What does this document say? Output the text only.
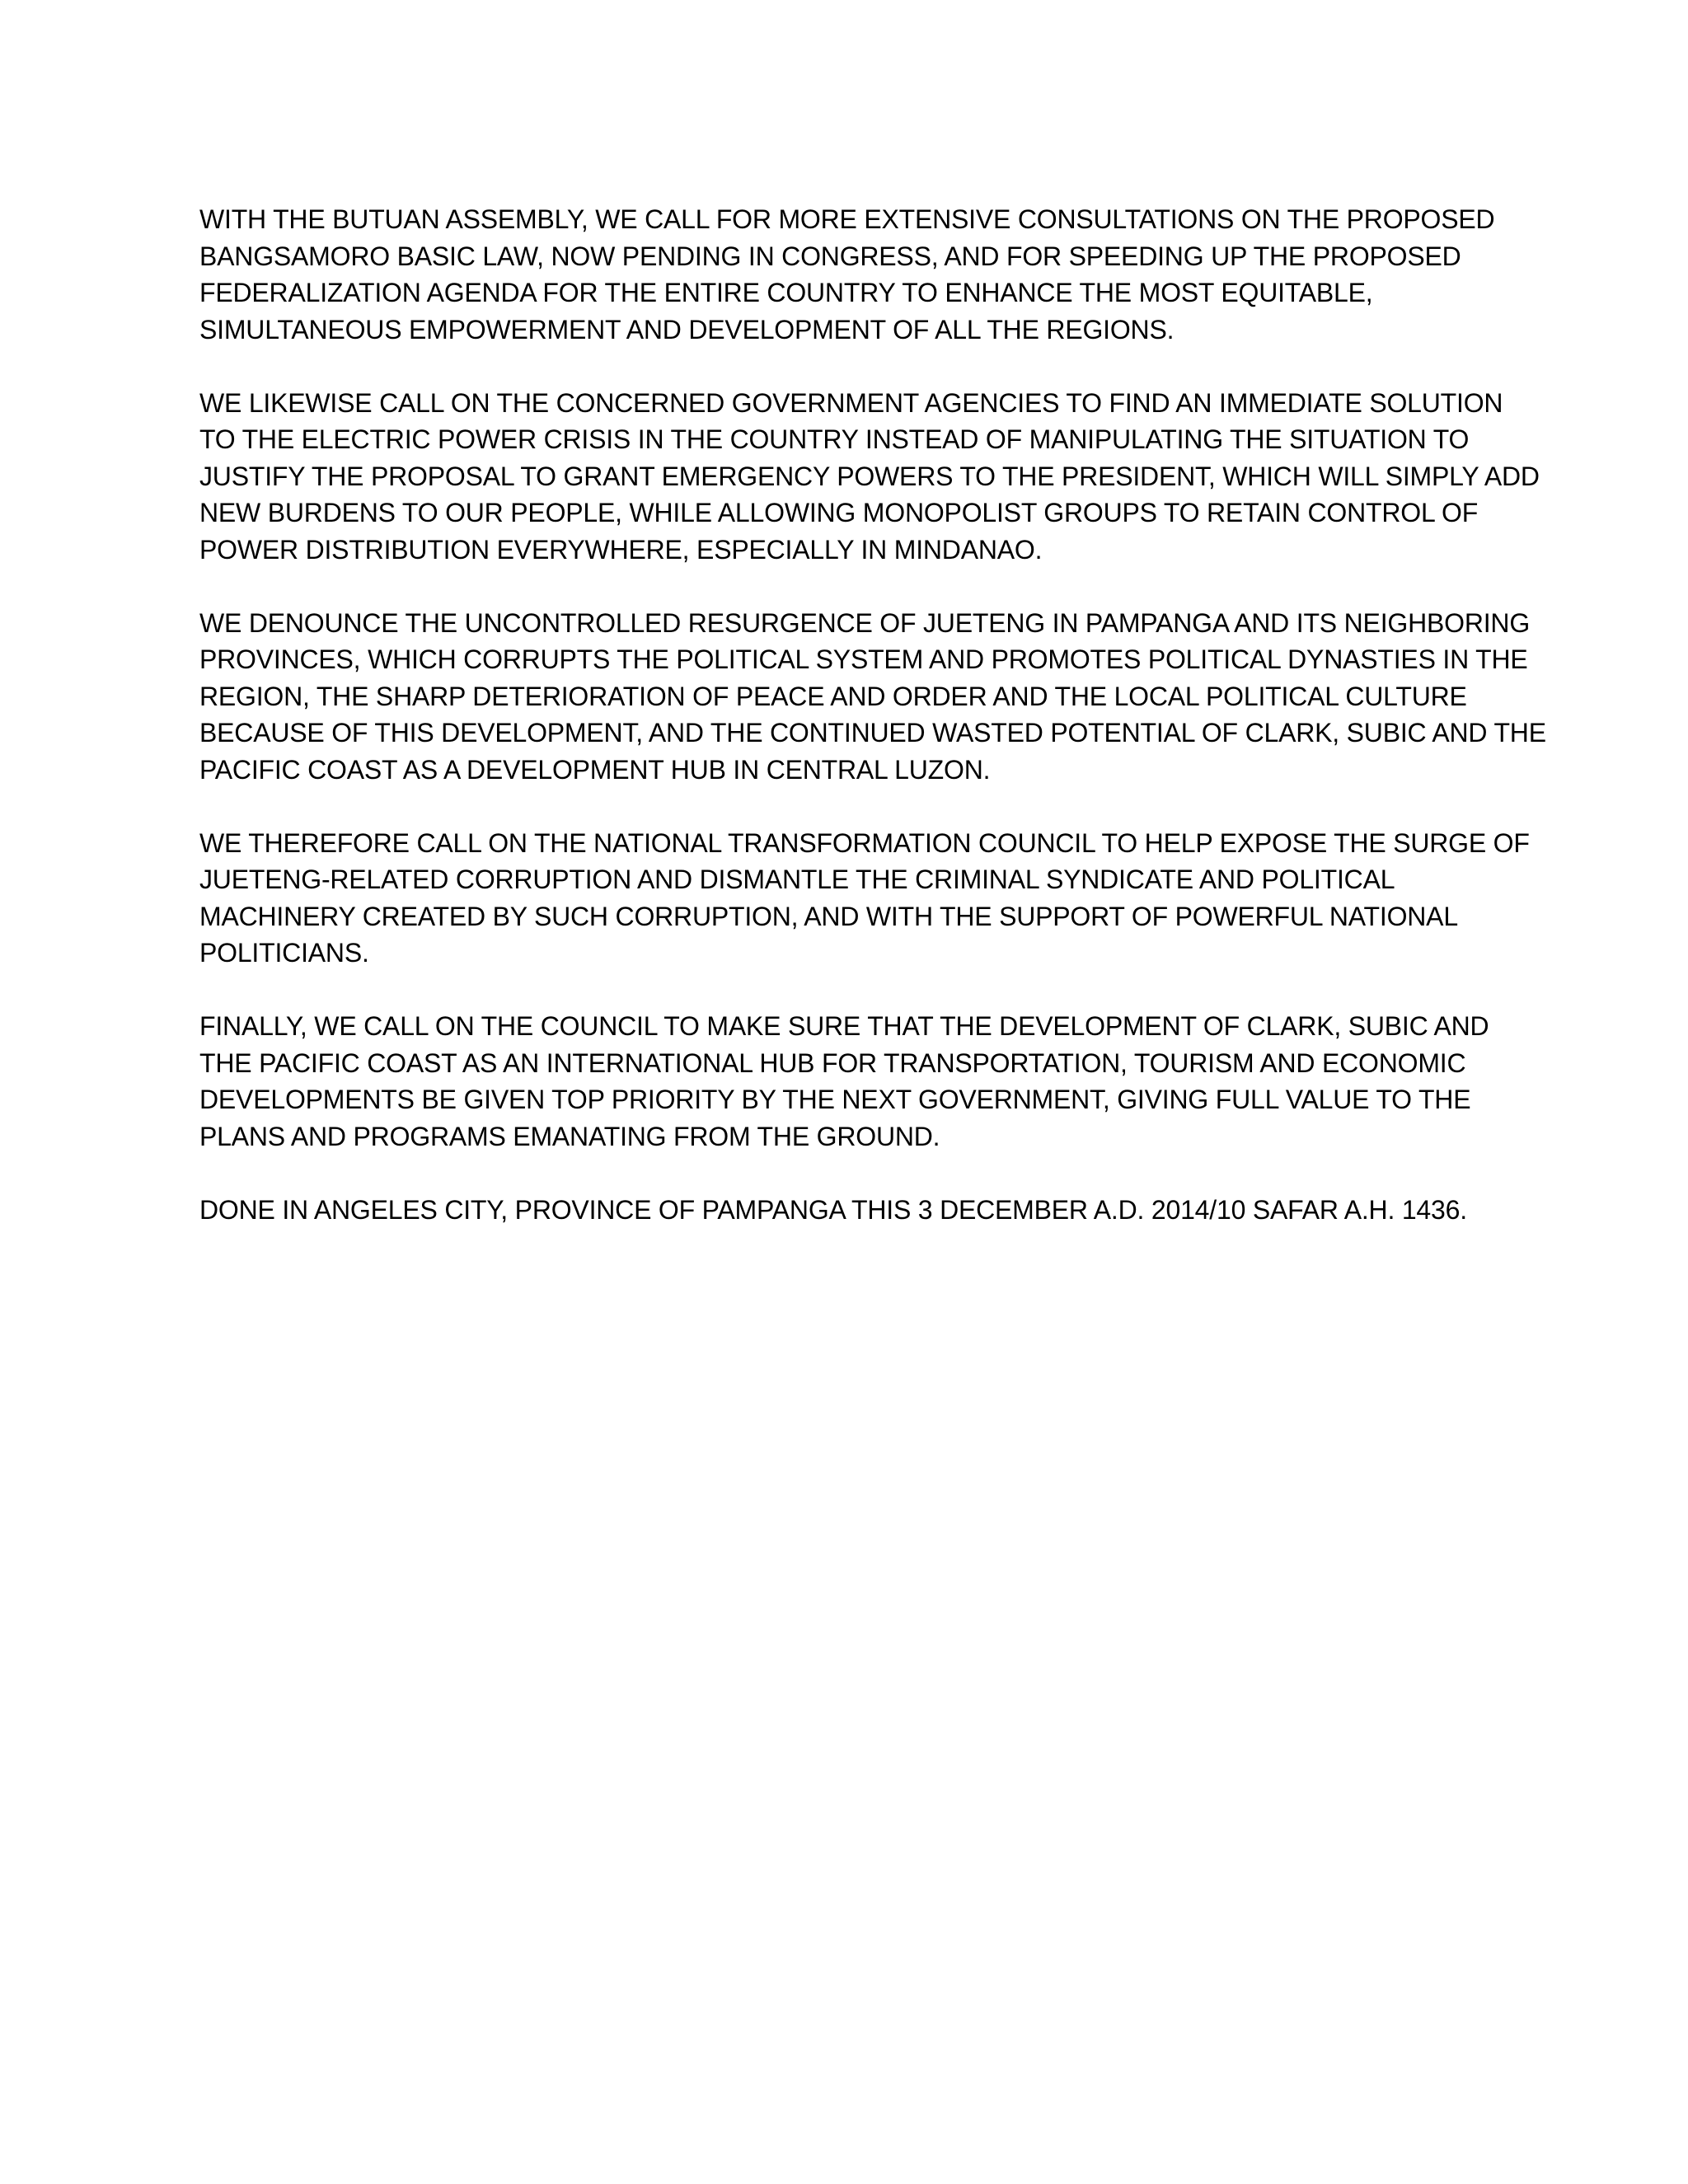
WITH THE BUTUAN ASSEMBLY, WE CALL FOR MORE EXTENSIVE CONSULTATIONS ON THE PROPOSED
BANGSAMORO BASIC LAW, NOW PENDING IN CONGRESS, AND FOR SPEEDING UP THE PROPOSED
FEDERALIZATION AGENDA FOR THE ENTIRE COUNTRY TO ENHANCE THE MOST EQUITABLE,
SIMULTANEOUS EMPOWERMENT AND DEVELOPMENT OF ALL THE REGIONS.

WE LIKEWISE CALL ON THE CONCERNED GOVERNMENT AGENCIES TO FIND AN IMMEDIATE SOLUTION
TO THE ELECTRIC POWER CRISIS IN THE COUNTRY INSTEAD OF MANIPULATING THE SITUATION TO
JUSTIFY THE PROPOSAL TO GRANT EMERGENCY POWERS TO THE PRESIDENT, WHICH WILL SIMPLY ADD
NEW BURDENS TO OUR PEOPLE, WHILE ALLOWING MONOPOLIST GROUPS TO RETAIN CONTROL OF
POWER DISTRIBUTION EVERYWHERE, ESPECIALLY IN MINDANAO.

WE DENOUNCE THE UNCONTROLLED RESURGENCE OF JUETENG IN PAMPANGA AND ITS NEIGHBORING
PROVINCES, WHICH CORRUPTS THE POLITICAL SYSTEM AND PROMOTES POLITICAL DYNASTIES IN THE
REGION, THE SHARP DETERIORATION OF PEACE AND ORDER AND THE LOCAL POLITICAL CULTURE
BECAUSE OF THIS DEVELOPMENT, AND THE CONTINUED WASTED POTENTIAL OF CLARK, SUBIC AND THE
PACIFIC COAST AS A DEVELOPMENT HUB IN CENTRAL LUZON.

WE THEREFORE CALL ON THE NATIONAL TRANSFORMATION COUNCIL TO HELP EXPOSE THE SURGE OF
JUETENG-RELATED CORRUPTION AND DISMANTLE THE CRIMINAL SYNDICATE AND POLITICAL
MACHINERY CREATED BY SUCH CORRUPTION, AND WITH THE SUPPORT OF POWERFUL NATIONAL
POLITICIANS.

FINALLY, WE CALL ON THE COUNCIL TO MAKE SURE THAT THE DEVELOPMENT OF CLARK, SUBIC AND
THE PACIFIC COAST AS AN INTERNATIONAL HUB FOR TRANSPORTATION, TOURISM AND ECONOMIC
DEVELOPMENTS BE GIVEN TOP PRIORITY BY THE NEXT GOVERNMENT, GIVING FULL VALUE TO THE
PLANS AND PROGRAMS EMANATING FROM THE GROUND.

DONE IN ANGELES CITY, PROVINCE OF PAMPANGA THIS 3 DECEMBER A.D. 2014/10 SAFAR A.H. 1436.
